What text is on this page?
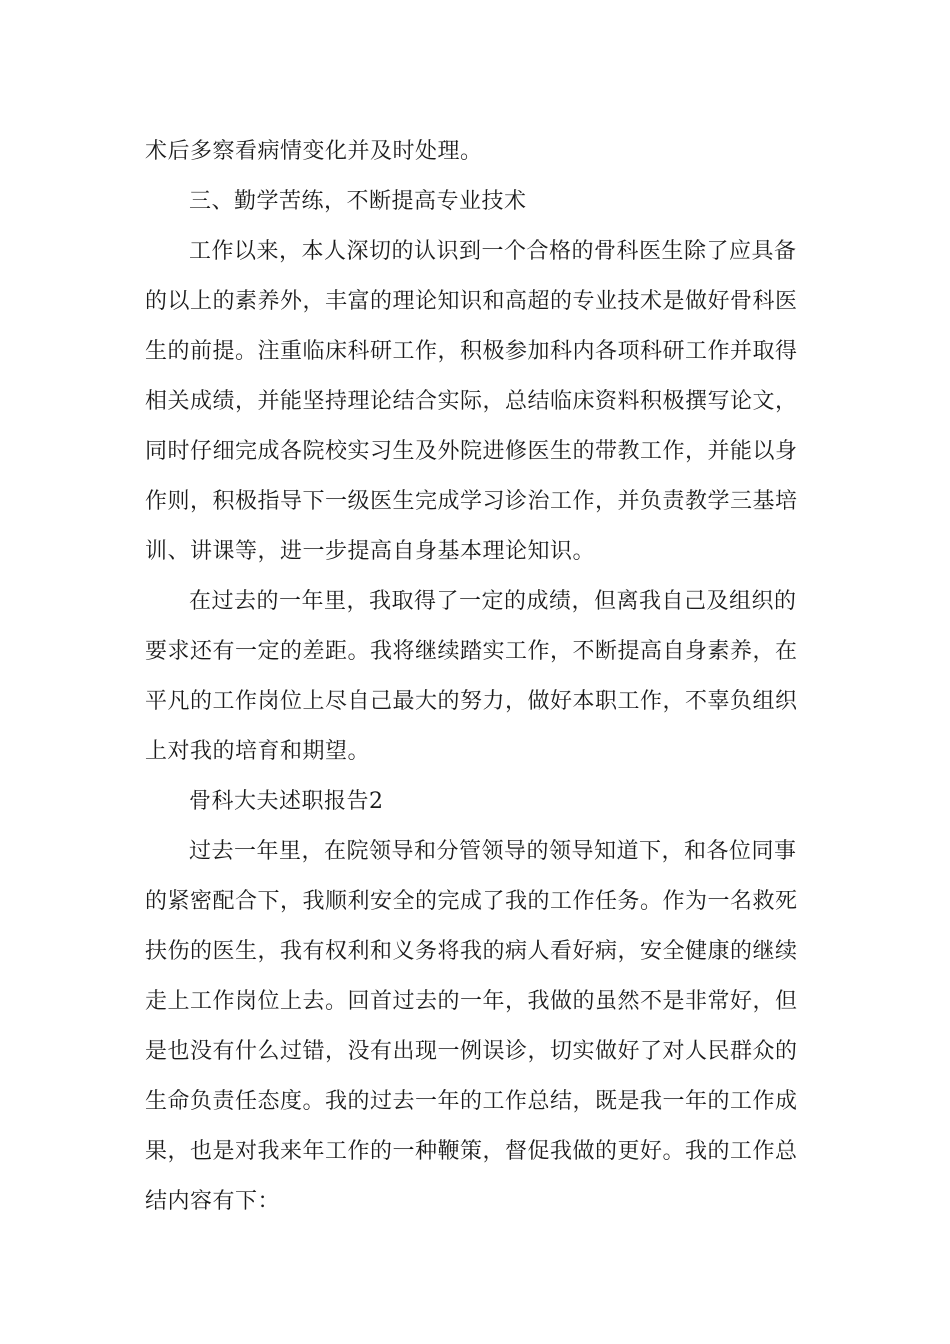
术后多察看病情变化并及时处理。
三、勤学苦练，不断提高专业技术
工作以来，本人深切的认识到一个合格的骨科医生除了应具备
的以上的素养外，丰富的理论知识和高超的专业技术是做好骨科医
生的前提。注重临床科研工作，积极参加科内各项科研工作并取得
相关成绩，并能坚持理论结合实际，总结临床资料积极撰写论文，
同时仔细完成各院校实习生及外院进修医生的带教工作，并能以身
作则，积极指导下一级医生完成学习诊治工作，并负责教学三基培
训、讲课等，进一步提高自身基本理论知识。
在过去的一年里，我取得了一定的成绩，但离我自己及组织的
要求还有一定的差距。我将继续踏实工作，不断提高自身素养，在
平凡的工作岗位上尽自己最大的努力，做好本职工作，不辜负组织
上对我的培育和期望。
骨科大夫述职报告2
过去一年里，在院领导和分管领导的领导知道下，和各位同事
的紧密配合下，我顺利安全的完成了我的工作任务。作为一名救死
扶伤的医生，我有权利和义务将我的病人看好病，安全健康的继续
走上工作岗位上去。回首过去的一年，我做的虽然不是非常好，但
是也没有什么过错，没有出现一例误诊，切实做好了对人民群众的
生命负责任态度。我的过去一年的工作总结，既是我一年的工作成
果，也是对我来年工作的一种鞭策，督促我做的更好。我的工作总
结内容有下：
